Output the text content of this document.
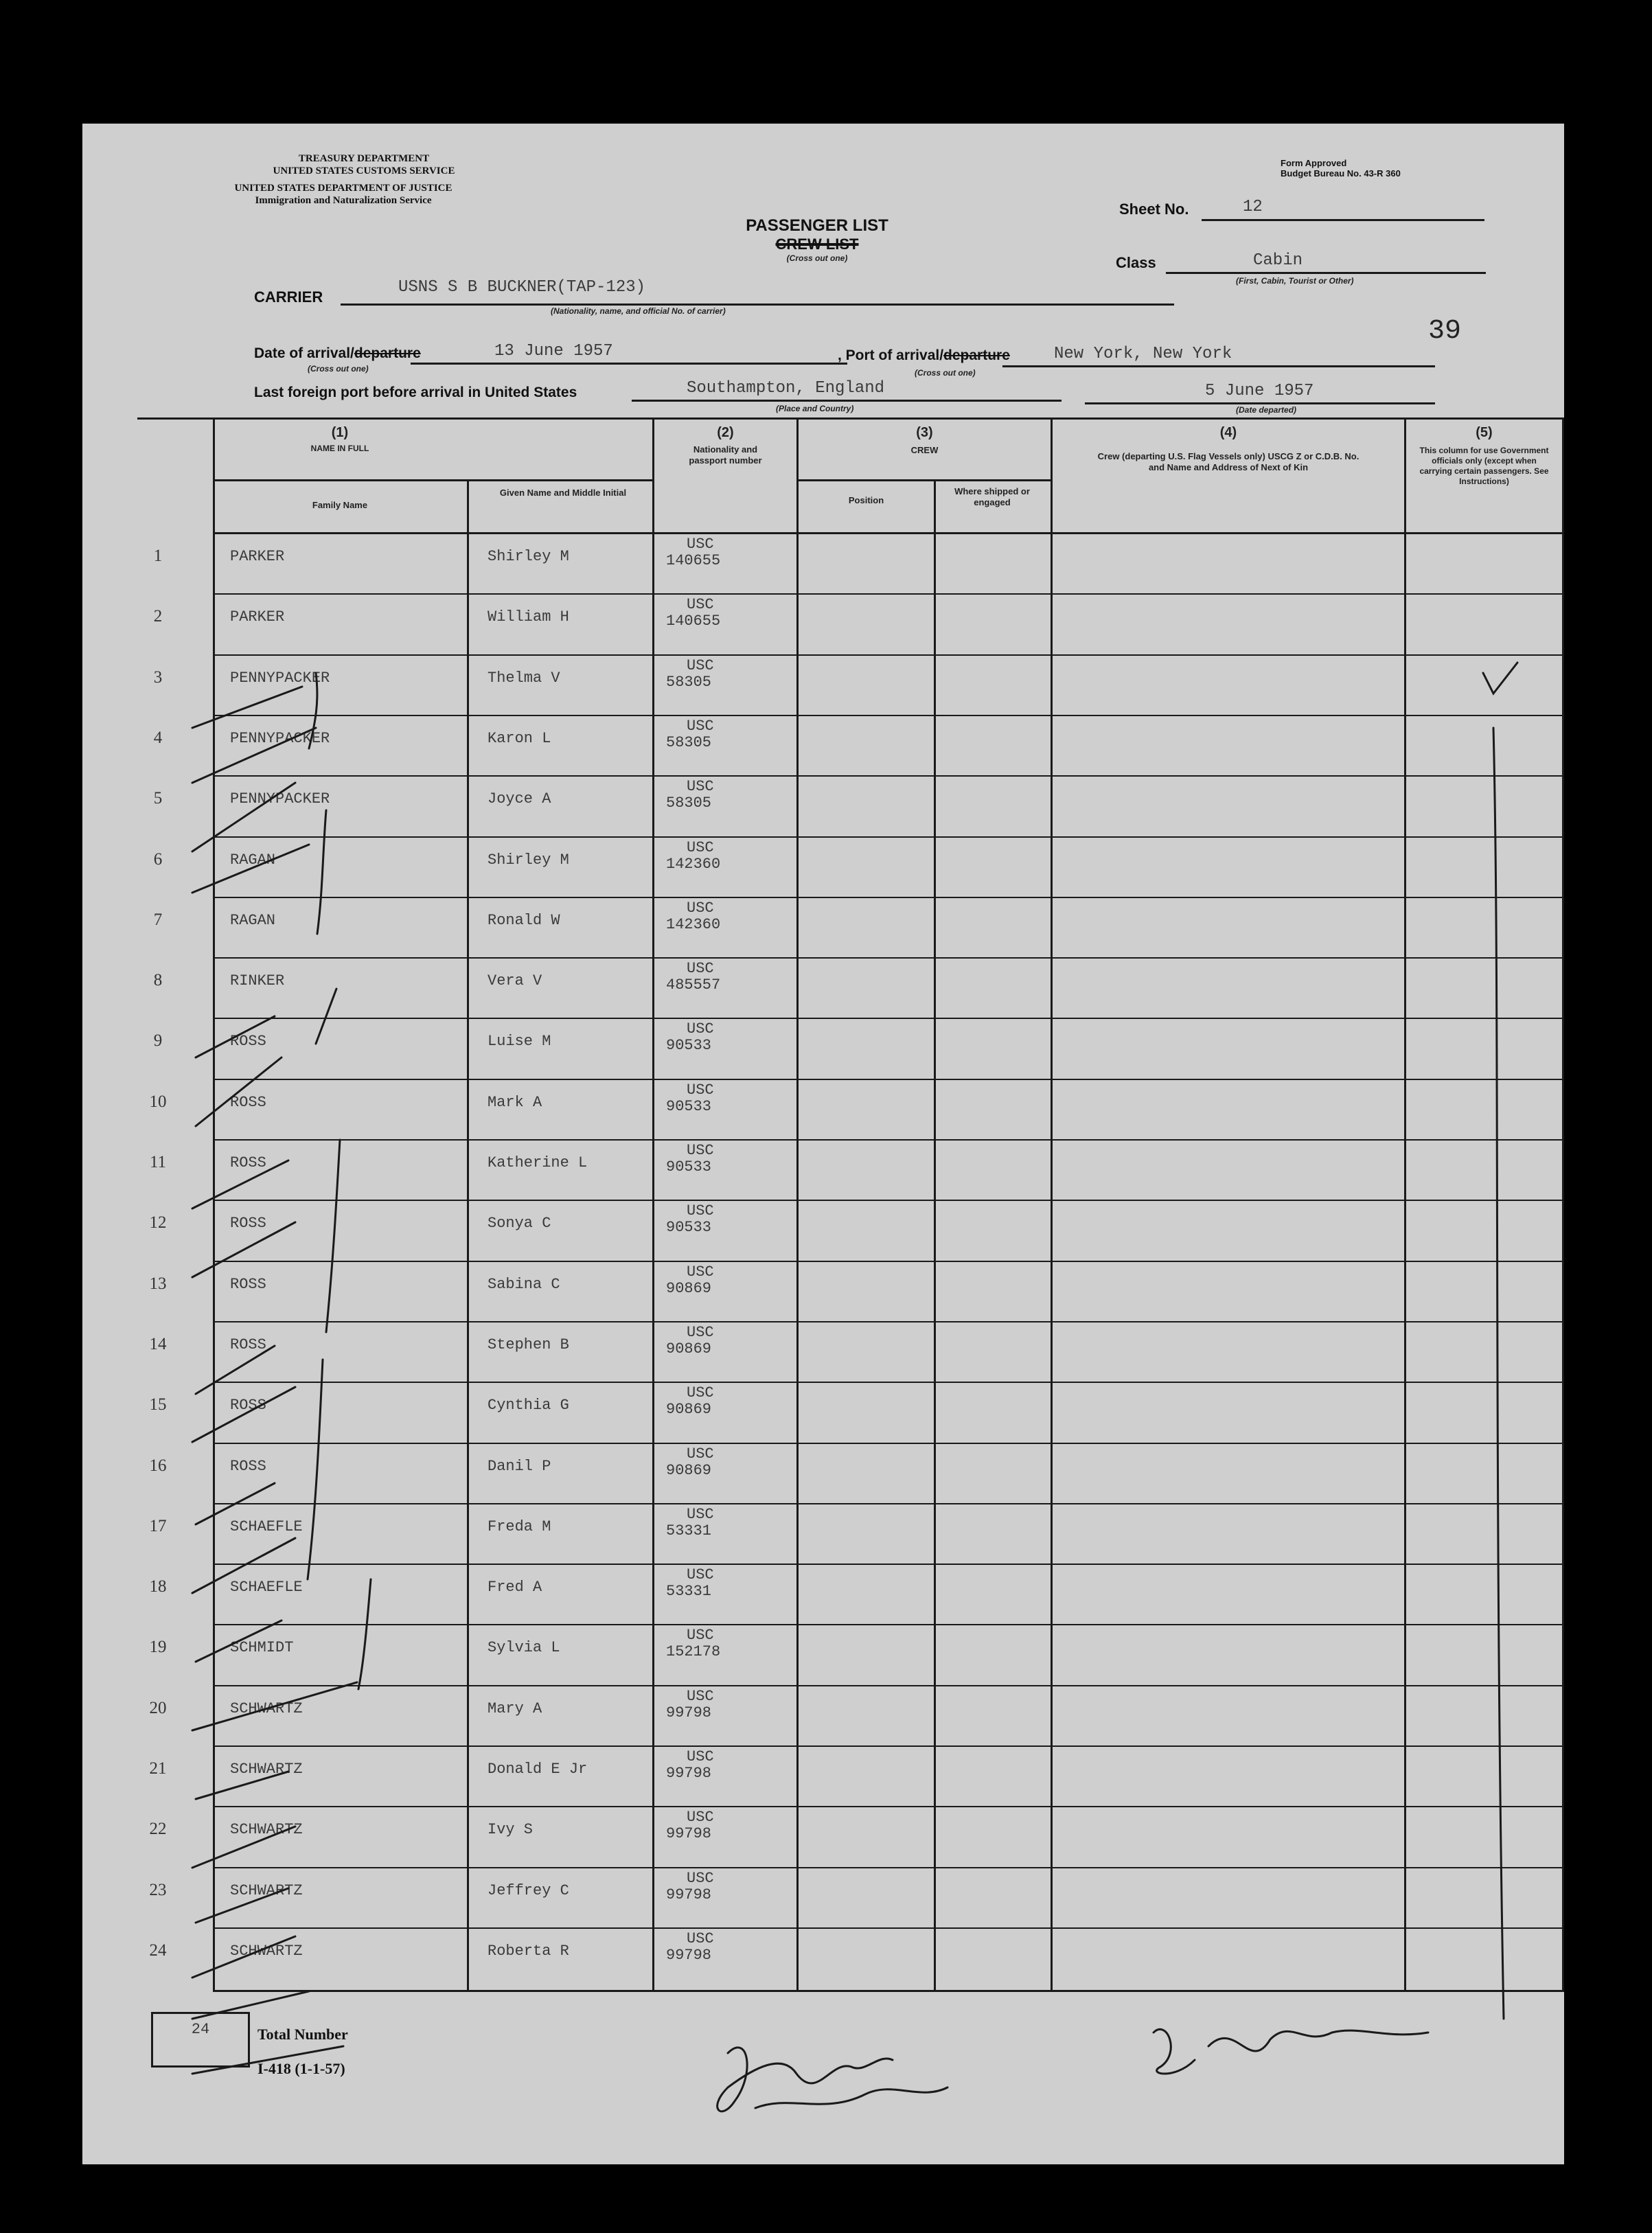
TREASURY DEPARTMENT
UNITED STATES CUSTOMS SERVICE
UNITED STATES DEPARTMENT OF JUSTICE
Immigration and Naturalization Service
Form Approved
Budget Bureau No. 43-R 360
PASSENGER LIST
CREW LIST
(Cross out one)
Sheet No.	12
Class	Cabin
(First, Cabin, Tourist or Other)
39
CARRIER
USNS S B BUCKNER(TAP-123)
(Nationality, name, and official No. of carrier)
Date of arrival/departure
(Cross out one)
13 June 1957	, Port of arrival/departure
(Cross out one)
New York, New York
Last foreign port before arrival in United States	Southampton, England
(Place and Country)
5 June 1957
(Date departed)
(1)
NAME IN FULL
Family Name
Given Name and Middle Initial
(2)
Nationality and passport number
(3)
CREW
Position
Where shipped or engaged
(4)
Crew (departing U.S. Flag Vessels only) USCG Z or C.D.B. No. and Name and Address of Next of Kin
(5)
This column for use Government officials only (except when carrying certain passengers. See Instructions)
1	PARKER	Shirley M
USC
140655
2	PARKER	William H
USC
140655
3	PENNYPACKER	Thelma V
USC
58305
4	PENNYPACKER	Karon L
USC
58305
5	PENNYPACKER	Joyce A
USC
58305
6	RAGAN	Shirley M
USC
142360
7	RAGAN	Ronald W
USC
142360
8	RINKER	Vera V
USC
485557
9	ROSS	Luise M
USC
90533
10	ROSS	Mark A
USC
90533
11	ROSS	Katherine L
USC
90533
12	ROSS	Sonya C
USC
90533
13	ROSS	Sabina C
USC
90869
14	ROSS	Stephen B
USC
90869
15	ROSS	Cynthia G
USC
90869
16	ROSS	Danil P
USC
90869
17	SCHAEFLE	Freda M
USC
53331
18	SCHAEFLE	Fred A
USC
53331
19	SCHMIDT	Sylvia L
USC
152178
20	SCHWARTZ	Mary A
USC
99798
21	SCHWARTZ	Donald E Jr
USC
99798
22	SCHWARTZ	Ivy S
USC
99798
23	SCHWARTZ	Jeffrey C
USC
99798
24	SCHWARTZ	Roberta R
USC
99798
24	Total Number
I-418 (1-1-57)
